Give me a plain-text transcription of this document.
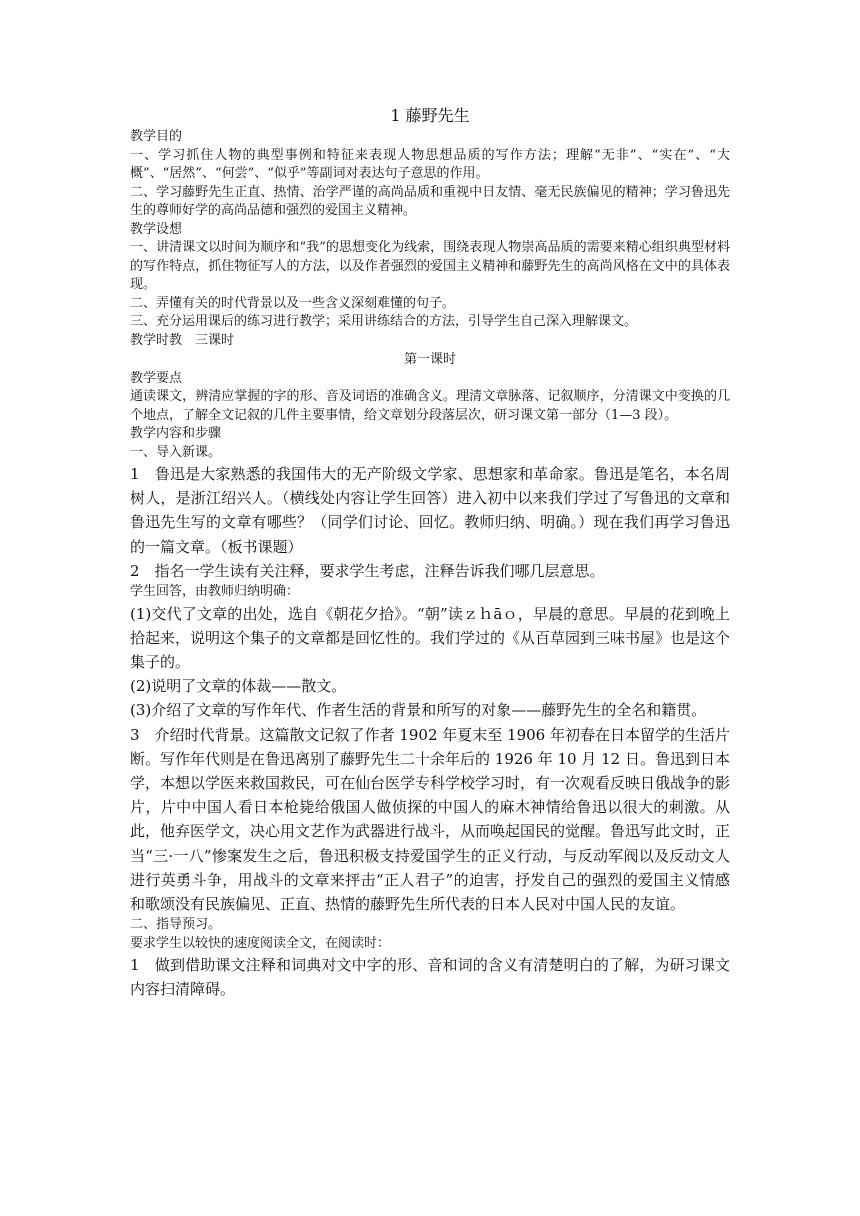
1 藤野先生

教学目的

一、学习抓住人物的典型事例和特征来表现人物思想品质的写作方法；理解“无非”、“实在”、“大概”、“居然”、“何尝”、“似乎”等副词对表达句子意思的作用。

二、学习藤野先生正直、热情、治学严谨的高尚品质和重视中日友情、毫无民族偏见的精神；学习鲁迅先生的尊师好学的高尚品德和强烈的爱国主义精神。

教学设想

一、讲清课文以时间为顺序和“我”的思想变化为线索，围绕表现人物崇高品质的需要来精心组织典型材料的写作特点，抓住物征写人的方法，以及作者强烈的爱国主义精神和藤野先生的高尚风格在文中的具体表现。

二、弄懂有关的时代背景以及一些含义深刻难懂的句子。

三、充分运用课后的练习进行教学；采用讲练结合的方法，引导学生自己深入理解课文。

教学时教　三课时

第一课时

教学要点

通读课文，辨清应掌握的字的形、音及词语的准确含义。理清文章脉落、记叙顺序，分清课文中变换的几个地点，了解全文记叙的几件主要事情，给文章划分段落层次，研习课文第一部分（1—3 段）。

教学内容和步骤

一、导入新课。

1　鲁迅是大家熟悉的我国伟大的无产阶级文学家、思想家和革命家。鲁迅是笔名，本名周树人，是浙江绍兴人。（横线处内容让学生回答）进入初中以来我们学过了写鲁迅的文章和鲁迅先生写的文章有哪些？（同学们讨论、回忆。教师归纳、明确。）现在我们再学习鲁迅的一篇文章。（板书课题）

2　指名一学生读有关注释，要求学生考虑，注释告诉我们哪几层意思。

学生回答，由教师归纳明确：

(1)交代了文章的出处，选自《朝花夕拾》。“朝”读ｚｈāｏ，早晨的意思。早晨的花到晚上拾起来，说明这个集子的文章都是回忆性的。我们学过的《从百草园到三味书屋》也是这个集子的。

(2)说明了文章的体裁——散文。

(3)介绍了文章的写作年代、作者生活的背景和所写的对象——藤野先生的全名和籍贯。

3　介绍时代背景。这篇散文记叙了作者 1902 年夏末至 1906 年初春在日本留学的生活片断。写作年代则是在鲁迅离别了藤野先生二十余年后的 1926 年 10 月 12 日。鲁迅到日本学，本想以学医来救国救民，可在仙台医学专科学校学习时，有一次观看反映日俄战争的影片，片中中国人看日本枪毙给俄国人做侦探的中国人的麻木神情给鲁迅以很大的刺激。从此，他弃医学文，决心用文艺作为武器进行战斗，从而唤起国民的觉醒。鲁迅写此文时，正当“三·一八”惨案发生之后，鲁迅积极支持爱国学生的正义行动，与反动军阀以及反动文人进行英勇斗争，用战斗的文章来抨击“正人君子”的迫害，抒发自己的强烈的爱国主义情感和歌颂没有民族偏见、正直、热情的藤野先生所代表的日本人民对中国人民的友谊。

二、指导预习。

要求学生以较快的速度阅读全文，在阅读时：

1　做到借助课文注释和词典对文中字的形、音和词的含义有清楚明白的了解，为研习课文内容扫清障碍。
